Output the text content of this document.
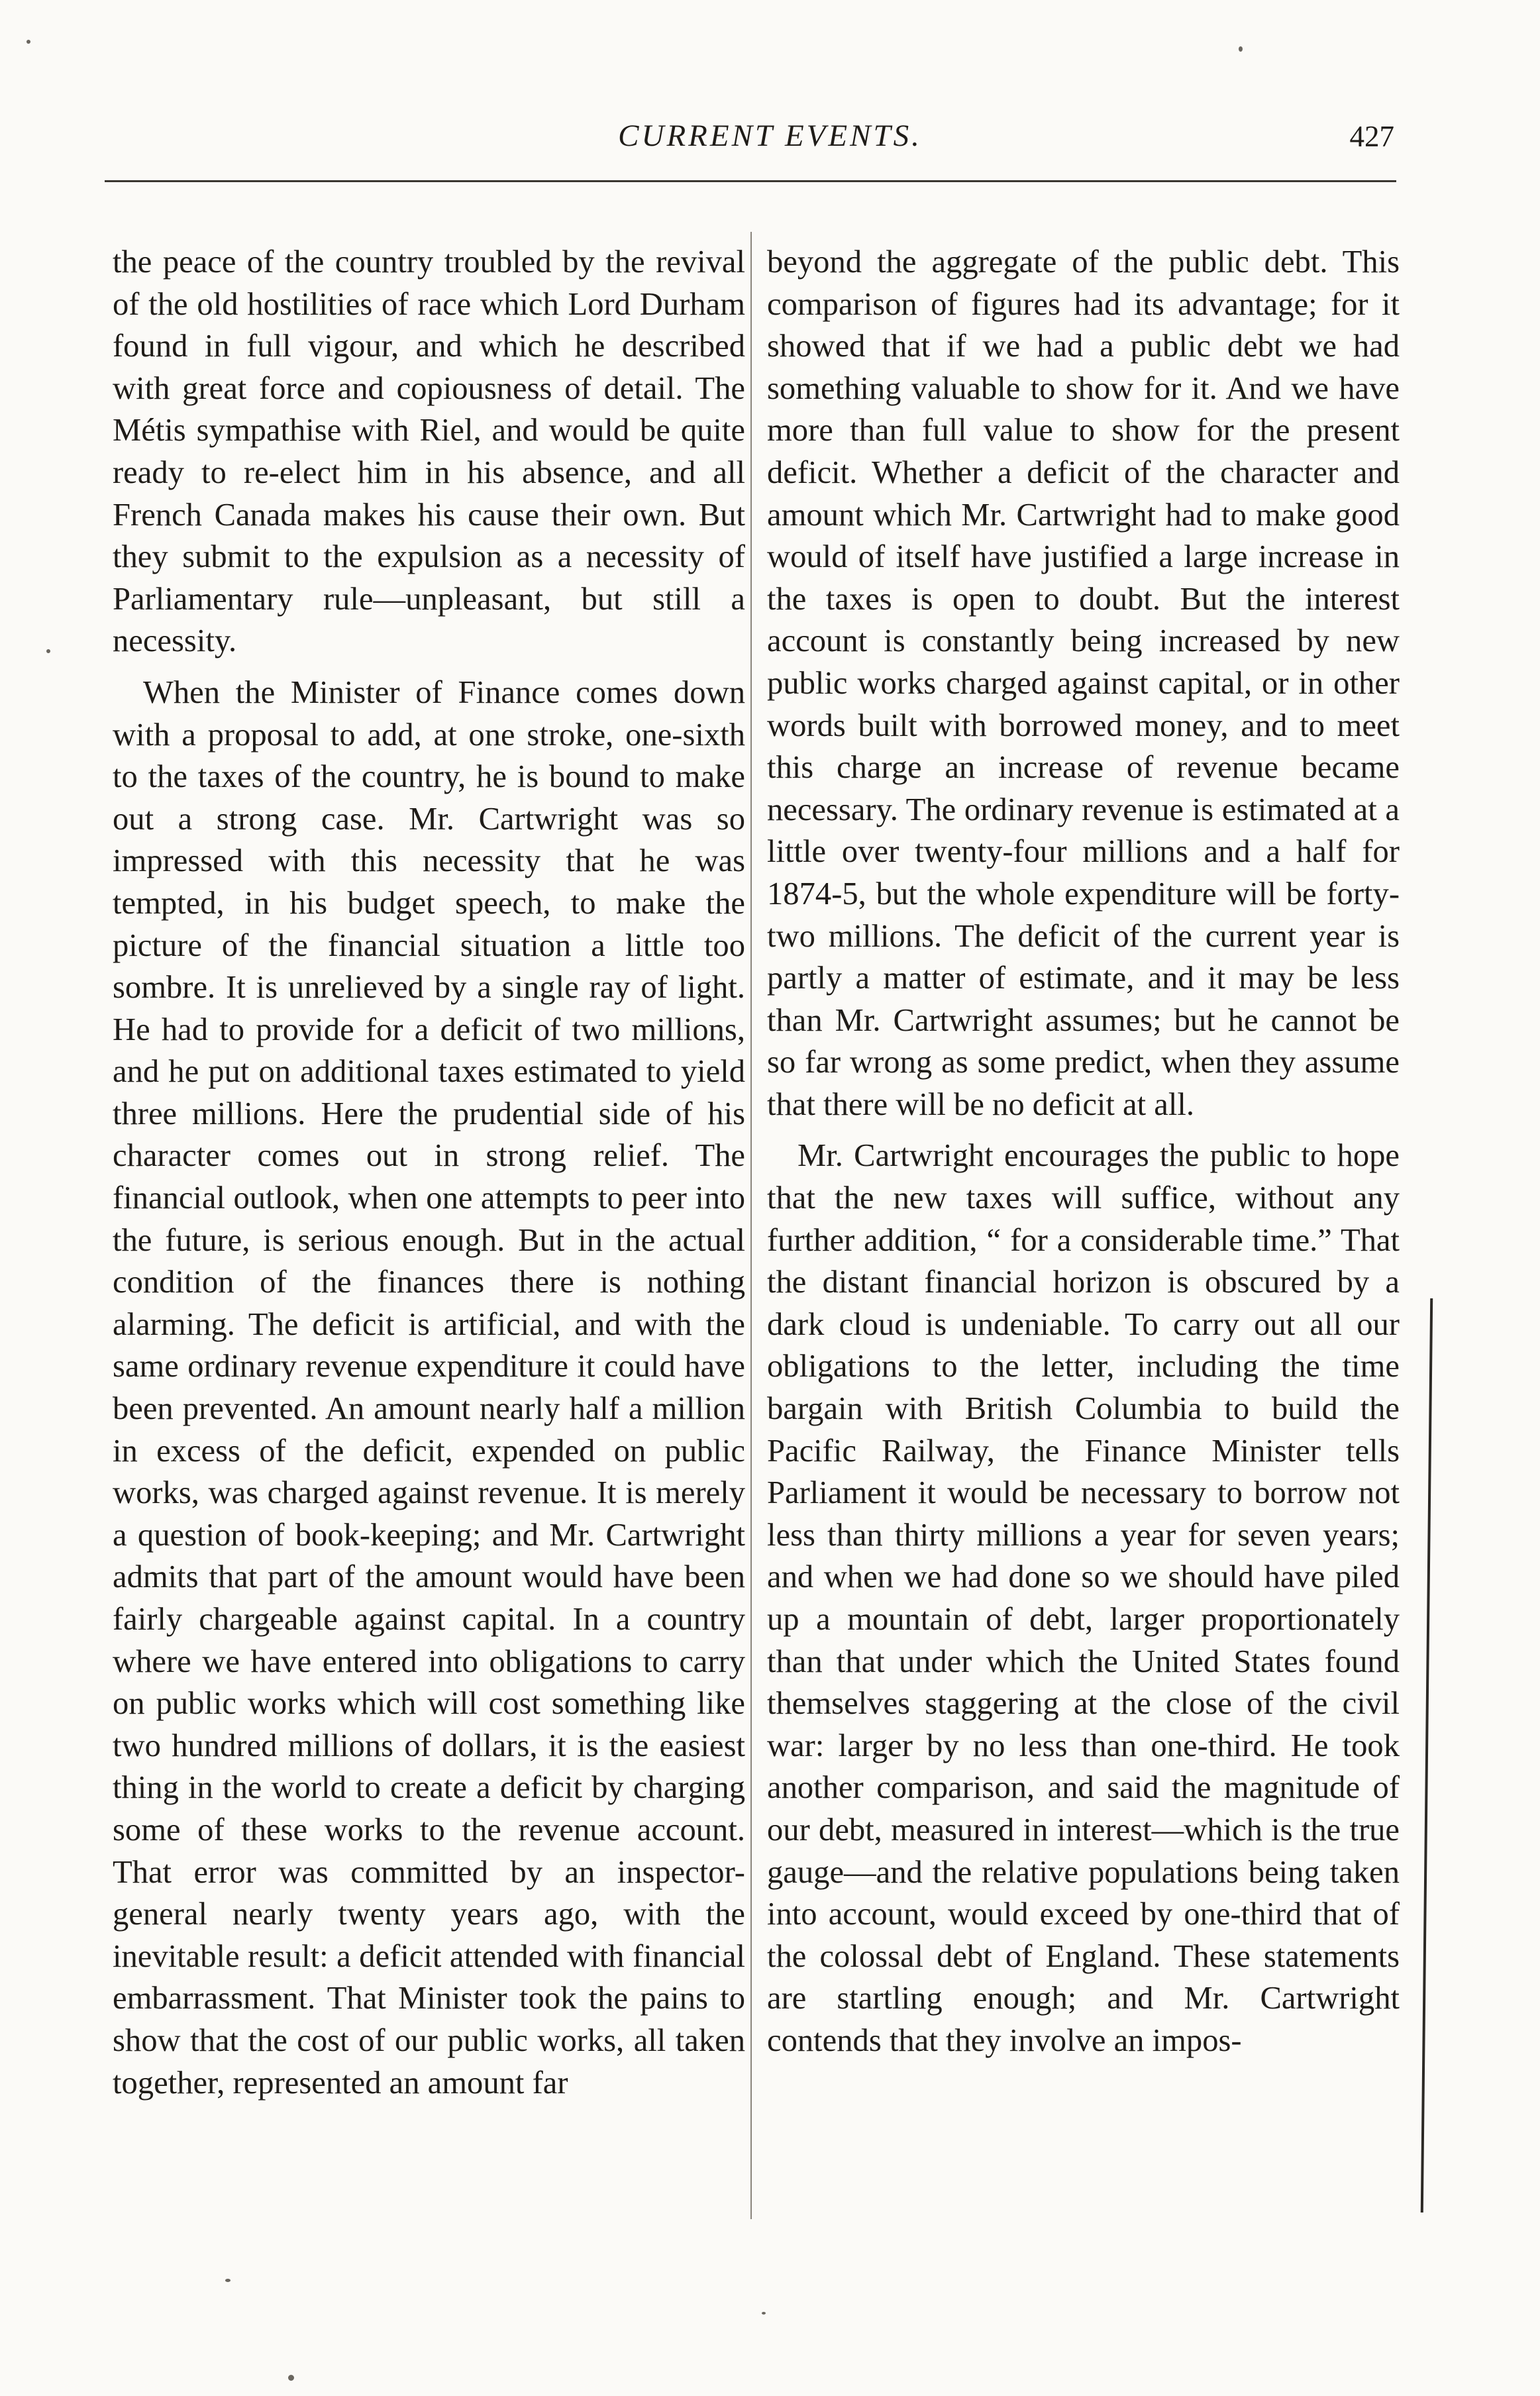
CURRENT EVENTS.	427

the peace of the country troubled by the revival of the old hostilities of race which Lord Durham found in full vigour, and which he described with great force and copiousness of detail. The Métis sympathise with Riel, and would be quite ready to re-elect him in his absence, and all French Canada makes his cause their own. But they submit to the expulsion as a necessity of Parliamentary rule—unpleasant, but still a necessity.

When the Minister of Finance comes down with a proposal to add, at one stroke, one-sixth to the taxes of the country, he is bound to make out a strong case. Mr. Cartwright was so impressed with this necessity that he was tempted, in his budget speech, to make the picture of the financial situation a little too sombre. It is unrelieved by a single ray of light. He had to provide for a deficit of two millions, and he put on additional taxes estimated to yield three millions. Here the prudential side of his character comes out in strong relief. The financial outlook, when one attempts to peer into the future, is serious enough. But in the actual condition of the finances there is nothing alarming. The deficit is artificial, and with the same ordinary revenue expenditure it could have been prevented. An amount nearly half a million in excess of the deficit, expended on public works, was charged against revenue. It is merely a question of book-keeping; and Mr. Cartwright admits that part of the amount would have been fairly chargeable against capital. In a country where we have entered into obligations to carry on public works which will cost something like two hundred millions of dollars, it is the easiest thing in the world to create a deficit by charging some of these works to the revenue account. That error was committed by an inspector-general nearly twenty years ago, with the inevitable result: a deficit attended with financial embarrassment. That Minister took the pains to show that the cost of our public works, all taken together, represented an amount far

beyond the aggregate of the public debt. This comparison of figures had its advantage; for it showed that if we had a public debt we had something valuable to show for it. And we have more than full value to show for the present deficit. Whether a deficit of the character and amount which Mr. Cartwright had to make good would of itself have justified a large increase in the taxes is open to doubt. But the interest account is constantly being increased by new public works charged against capital, or in other words built with borrowed money, and to meet this charge an increase of revenue became necessary. The ordinary revenue is estimated at a little over twenty-four millions and a half for 1874-5, but the whole expenditure will be forty-two millions. The deficit of the current year is partly a matter of estimate, and it may be less than Mr. Cartwright assumes; but he cannot be so far wrong as some predict, when they assume that there will be no deficit at all.

Mr. Cartwright encourages the public to hope that the new taxes will suffice, without any further addition, “ for a considerable time.” That the distant financial horizon is obscured by a dark cloud is undeniable. To carry out all our obligations to the letter, including the time bargain with British Columbia to build the Pacific Railway, the Finance Minister tells Parliament it would be necessary to borrow not less than thirty millions a year for seven years; and when we had done so we should have piled up a mountain of debt, larger proportionately than that under which the United States found themselves staggering at the close of the civil war: larger by no less than one-third. He took another comparison, and said the magnitude of our debt, measured in interest—which is the true gauge—and the relative populations being taken into account, would exceed by one-third that of the colossal debt of England. These statements are startling enough; and Mr. Cartwright contends that they involve an impos-
